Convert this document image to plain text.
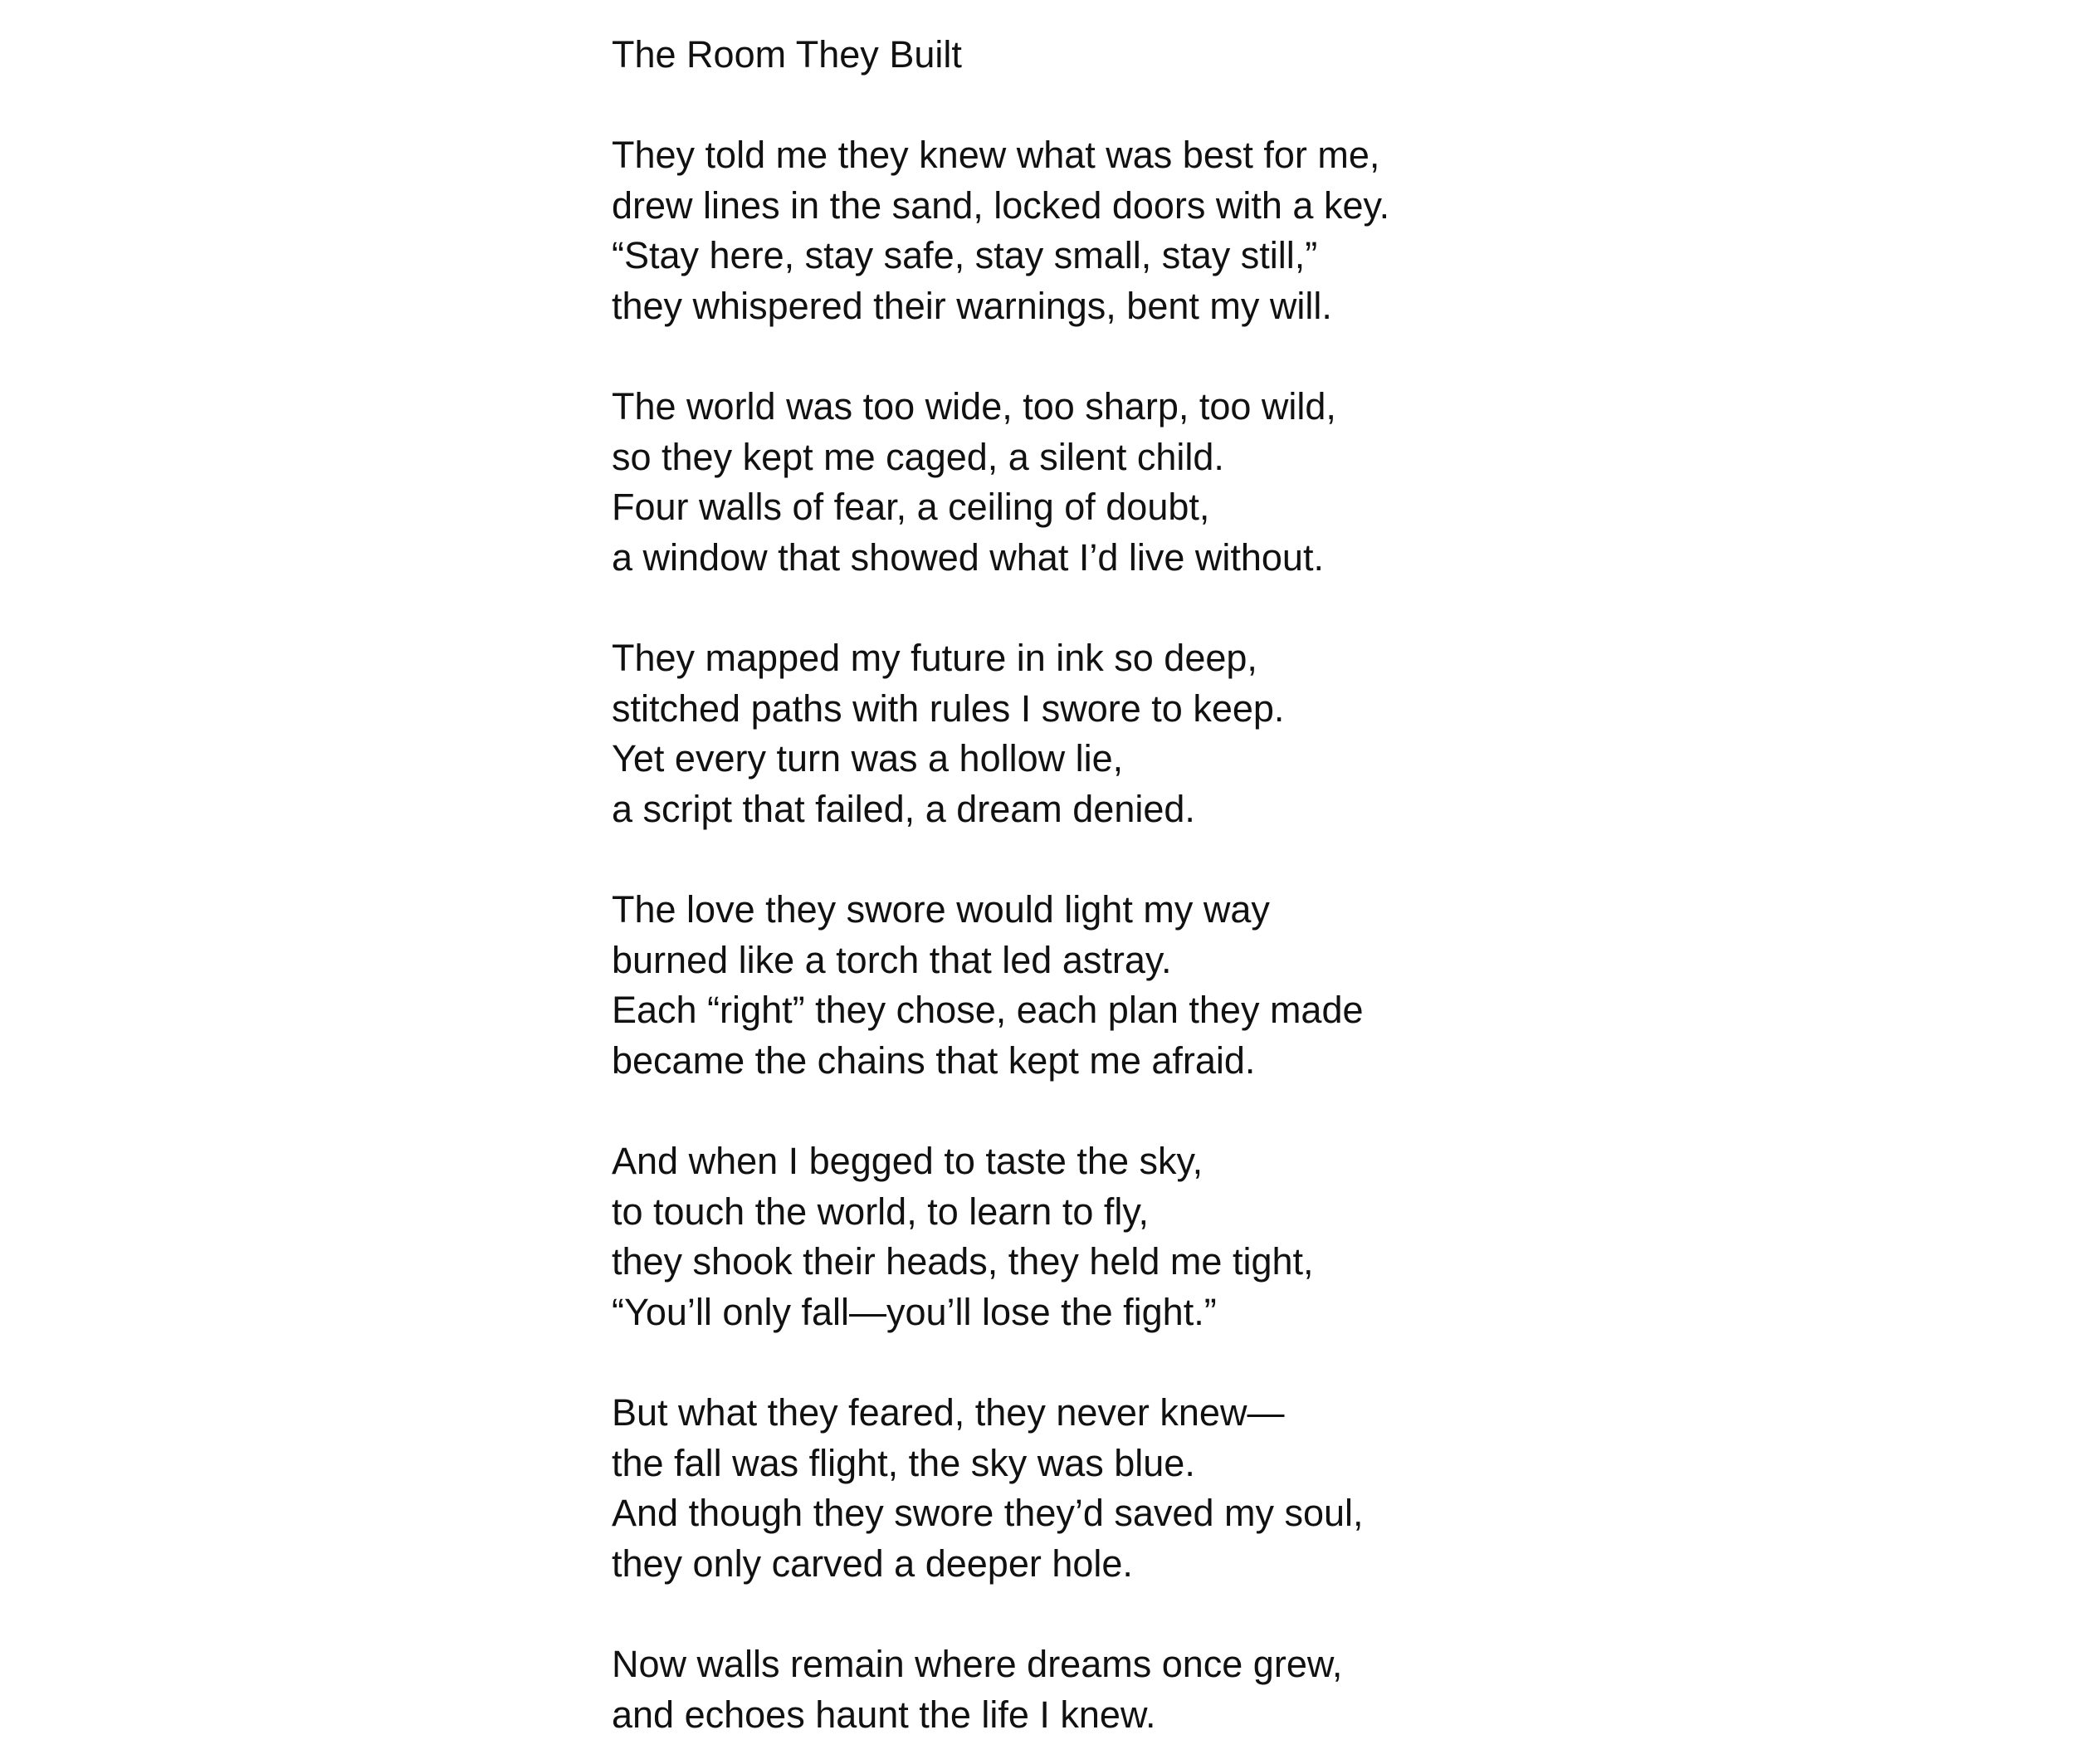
The Room They Built
They told me they knew what was best for me,
drew lines in the sand, locked doors with a key.
“Stay here, stay safe, stay small, stay still,”
they whispered their warnings, bent my will.
The world was too wide, too sharp, too wild,
so they kept me caged, a silent child.
Four walls of fear, a ceiling of doubt,
a window that showed what I’d live without.
They mapped my future in ink so deep,
stitched paths with rules I swore to keep.
Yet every turn was a hollow lie,
a script that failed, a dream denied.
The love they swore would light my way
burned like a torch that led astray.
Each “right” they chose, each plan they made
became the chains that kept me afraid.
And when I begged to taste the sky,
to touch the world, to learn to fly,
they shook their heads, they held me tight,
“You’ll only fall—you’ll lose the fight.”
But what they feared, they never knew—
the fall was flight, the sky was blue.
And though they swore they’d saved my soul,
they only carved a deeper hole.
Now walls remain where dreams once grew,
and echoes haunt the life I knew.
